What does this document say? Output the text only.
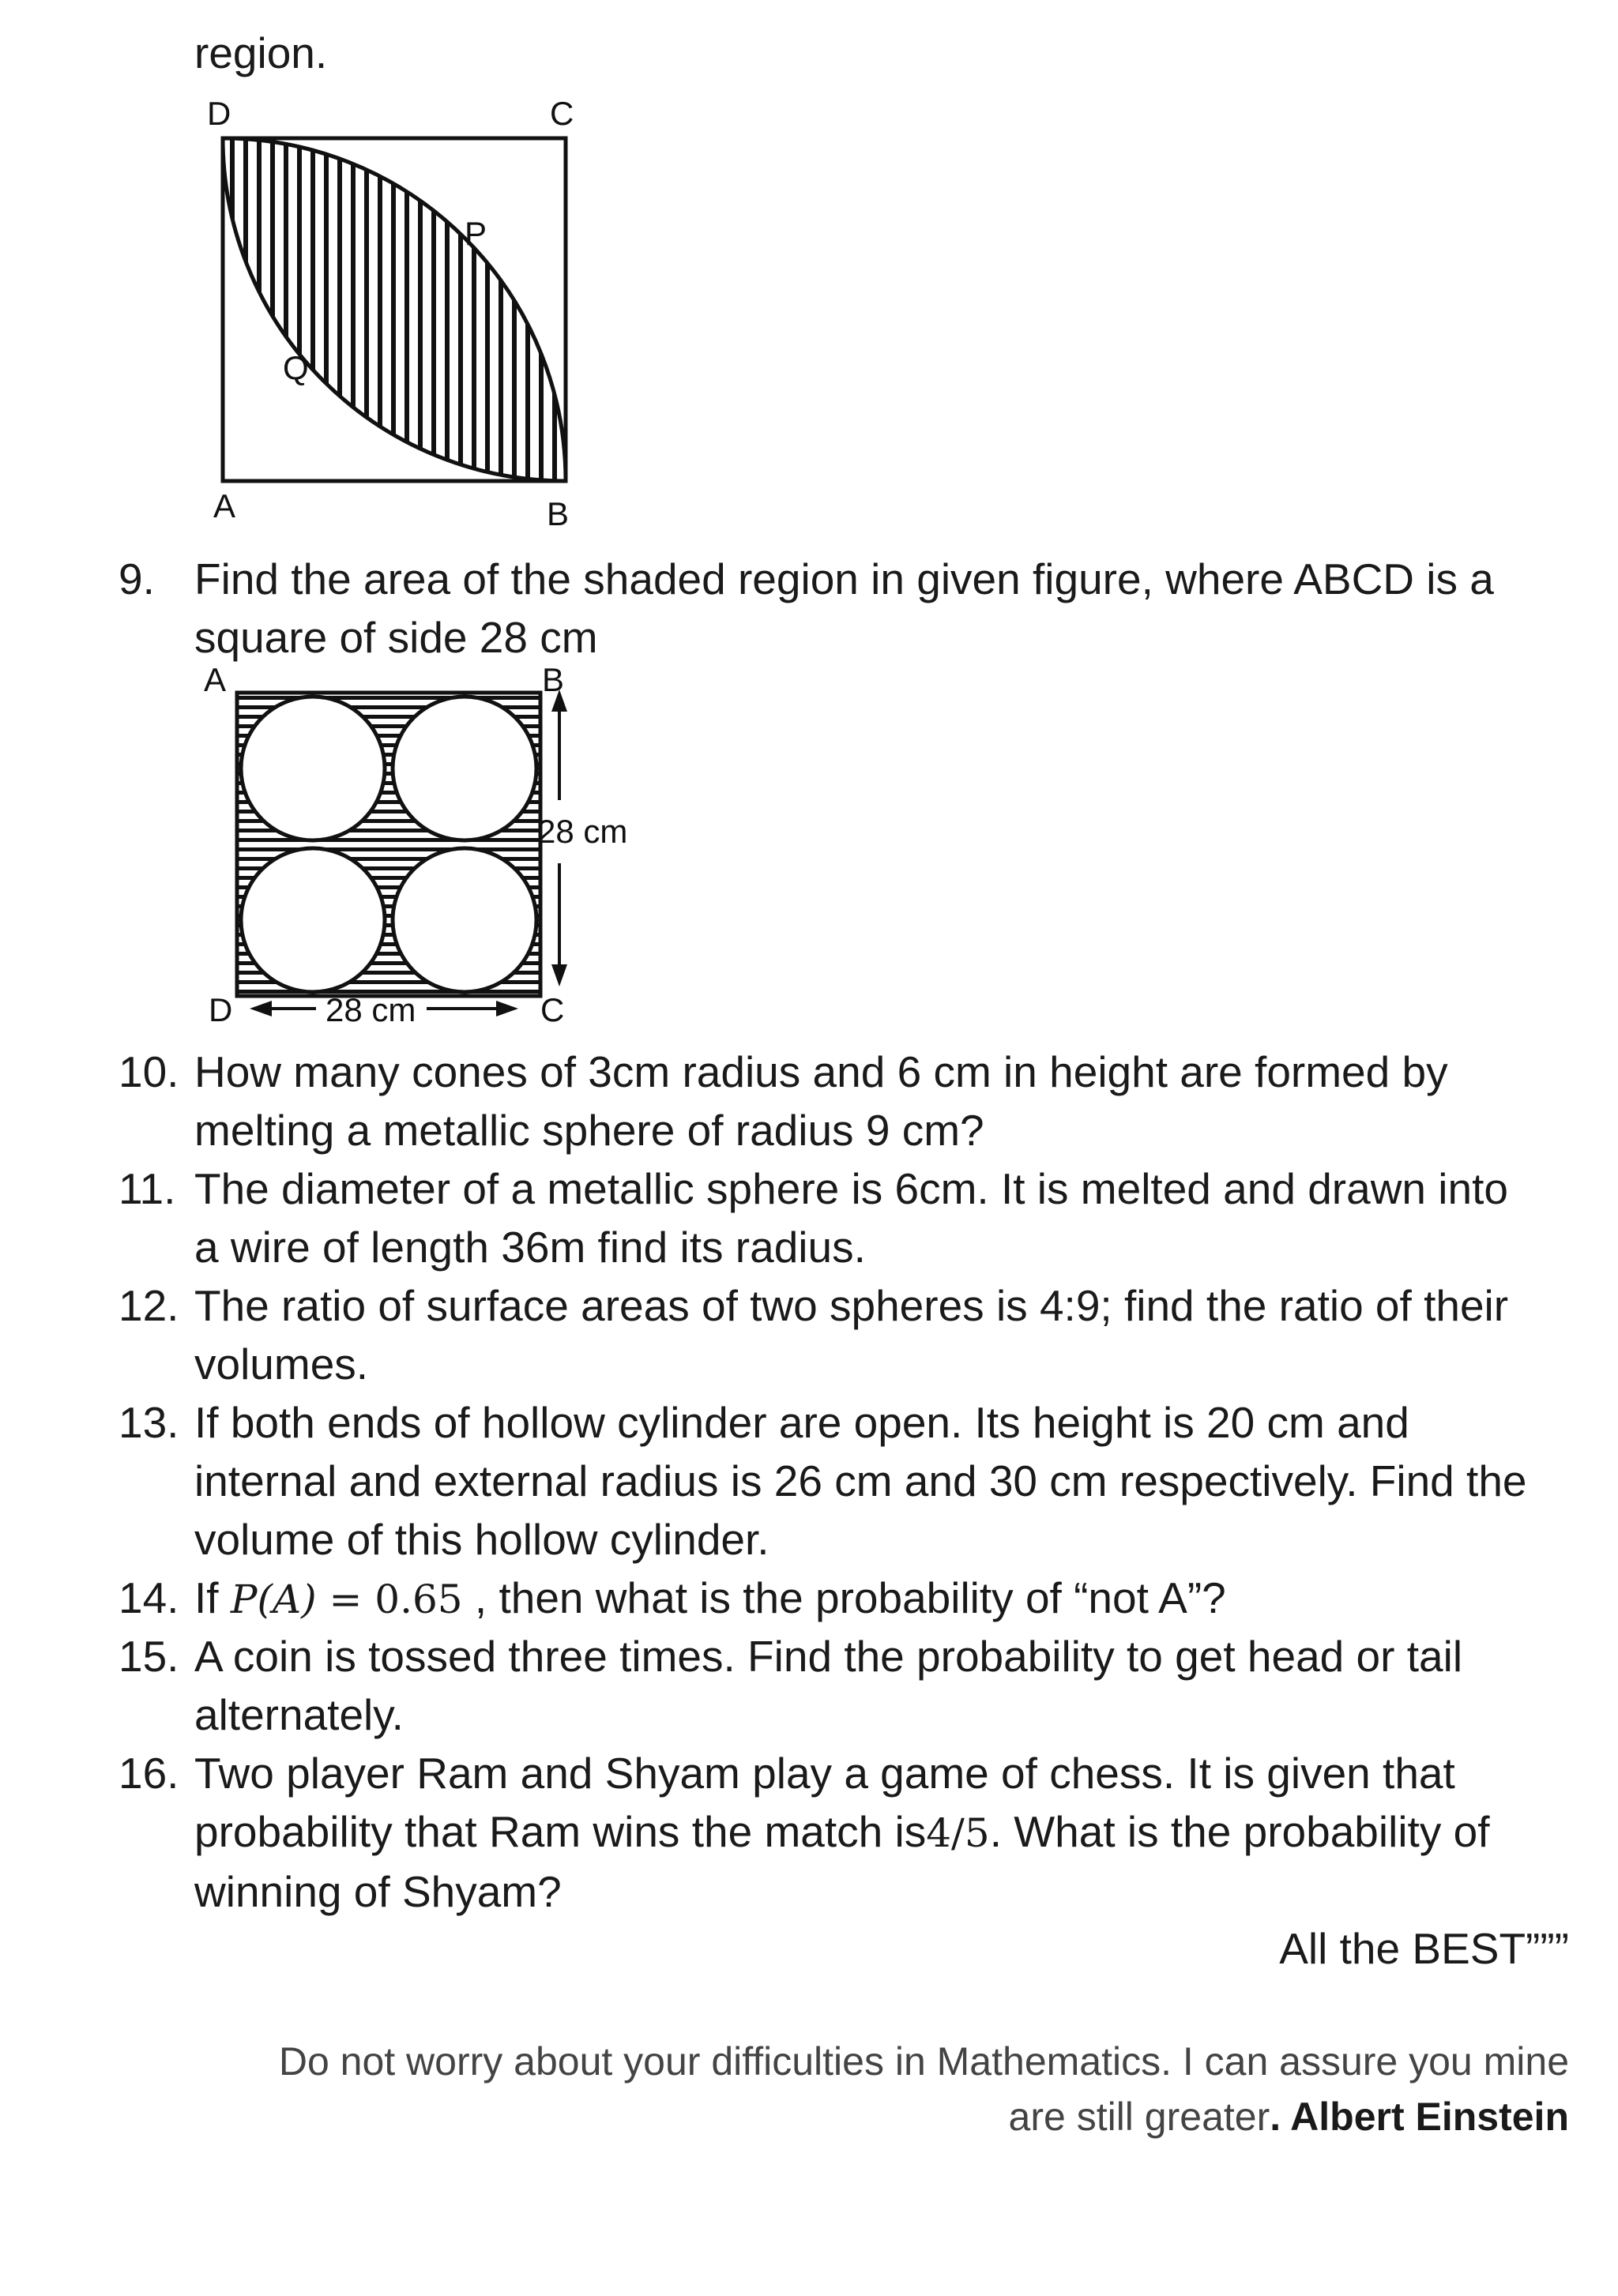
region.
D	C
P
Q
A	B
9. Find the area of the shaded region in given figure, where ABCD is a
square of side 28 cm
A	B
C
D
28 cm
28 cm
10. How many cones of 3cm radius and 6 cm in height are formed by
melting a metallic sphere of radius 9 cm?
11. The diameter of a metallic sphere is 6cm. It is melted and drawn into
a wire of length 36m find its radius.
12. The ratio of surface areas of two spheres is 4:9; find the ratio of their
volumes.
13. If both ends of hollow cylinder are open. Its height is 20 cm and
internal and external radius is 26 cm and 30 cm respectively. Find the
volume of this hollow cylinder.
14. If P(A) = 0.65 , then what is the probability of “not A”?
15. A coin is tossed three times. Find the probability to get head or tail
alternately.
16. Two player Ram and Shyam play a game of chess. It is given that
probability that Ram wins the match is4/5. What is the probability of
winning of Shyam?
All the BEST”””
Do not worry about your difficulties in Mathematics. I can assure you mine
are still greater. Albert Einstein
